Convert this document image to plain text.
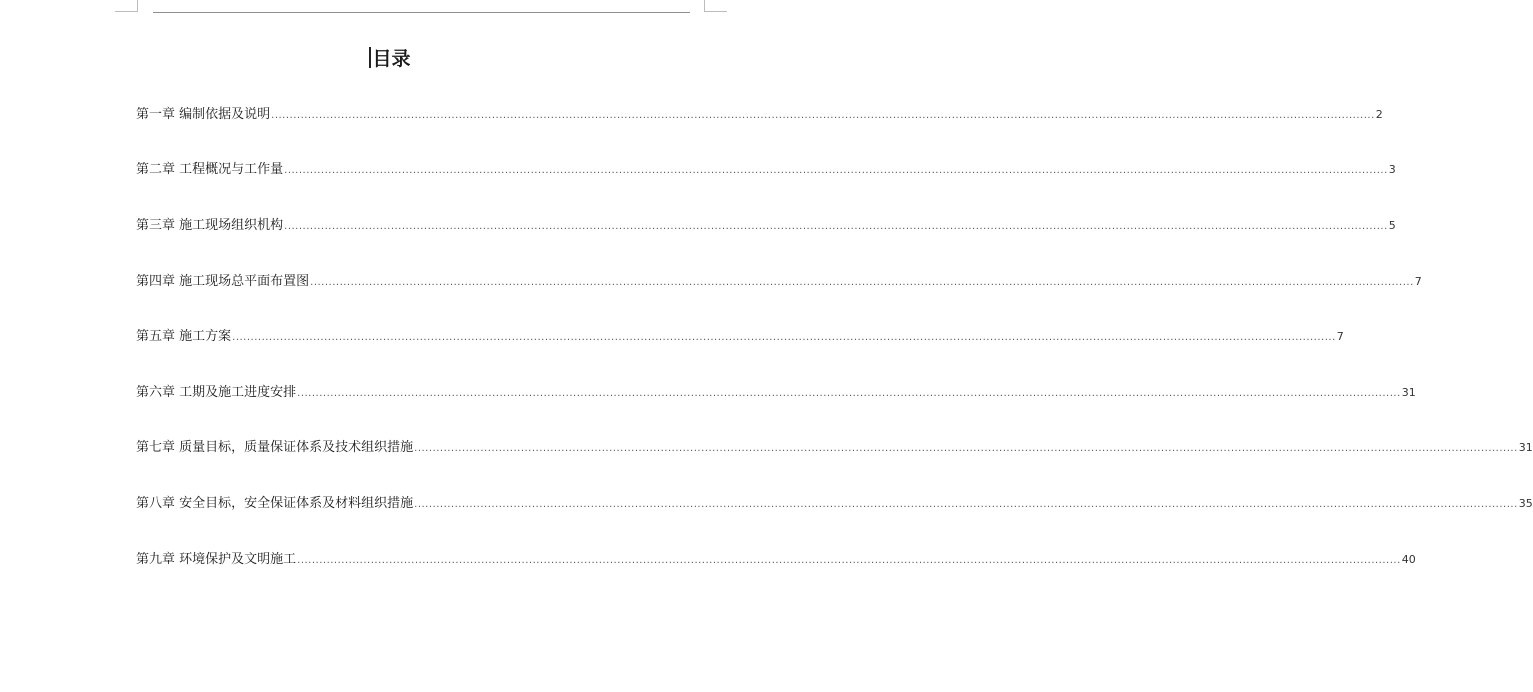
目录
第一章 编制依据及说明 ............................................................................................................................................................................................................................................................................................................ 2
第二章 工程概况与工作量 ............................................................................................................................................................................................................................................................................................................ 3
第三章 施工现场组织机构 ............................................................................................................................................................................................................................................................................................................ 5
第四章 施工现场总平面布置图 ............................................................................................................................................................................................................................................................................................................ 7
第五章 施工方案 ............................................................................................................................................................................................................................................................................................................ 7
第六章 工期及施工进度安排 ............................................................................................................................................................................................................................................................................................................ 31
第七章 质量目标，质量保证体系及技术组织措施 ............................................................................................................................................................................................................................................................................................................ 31
第八章 安全目标，安全保证体系及材料组织措施 ............................................................................................................................................................................................................................................................................................................ 35
第九章 环境保护及文明施工 ............................................................................................................................................................................................................................................................................................................ 40
